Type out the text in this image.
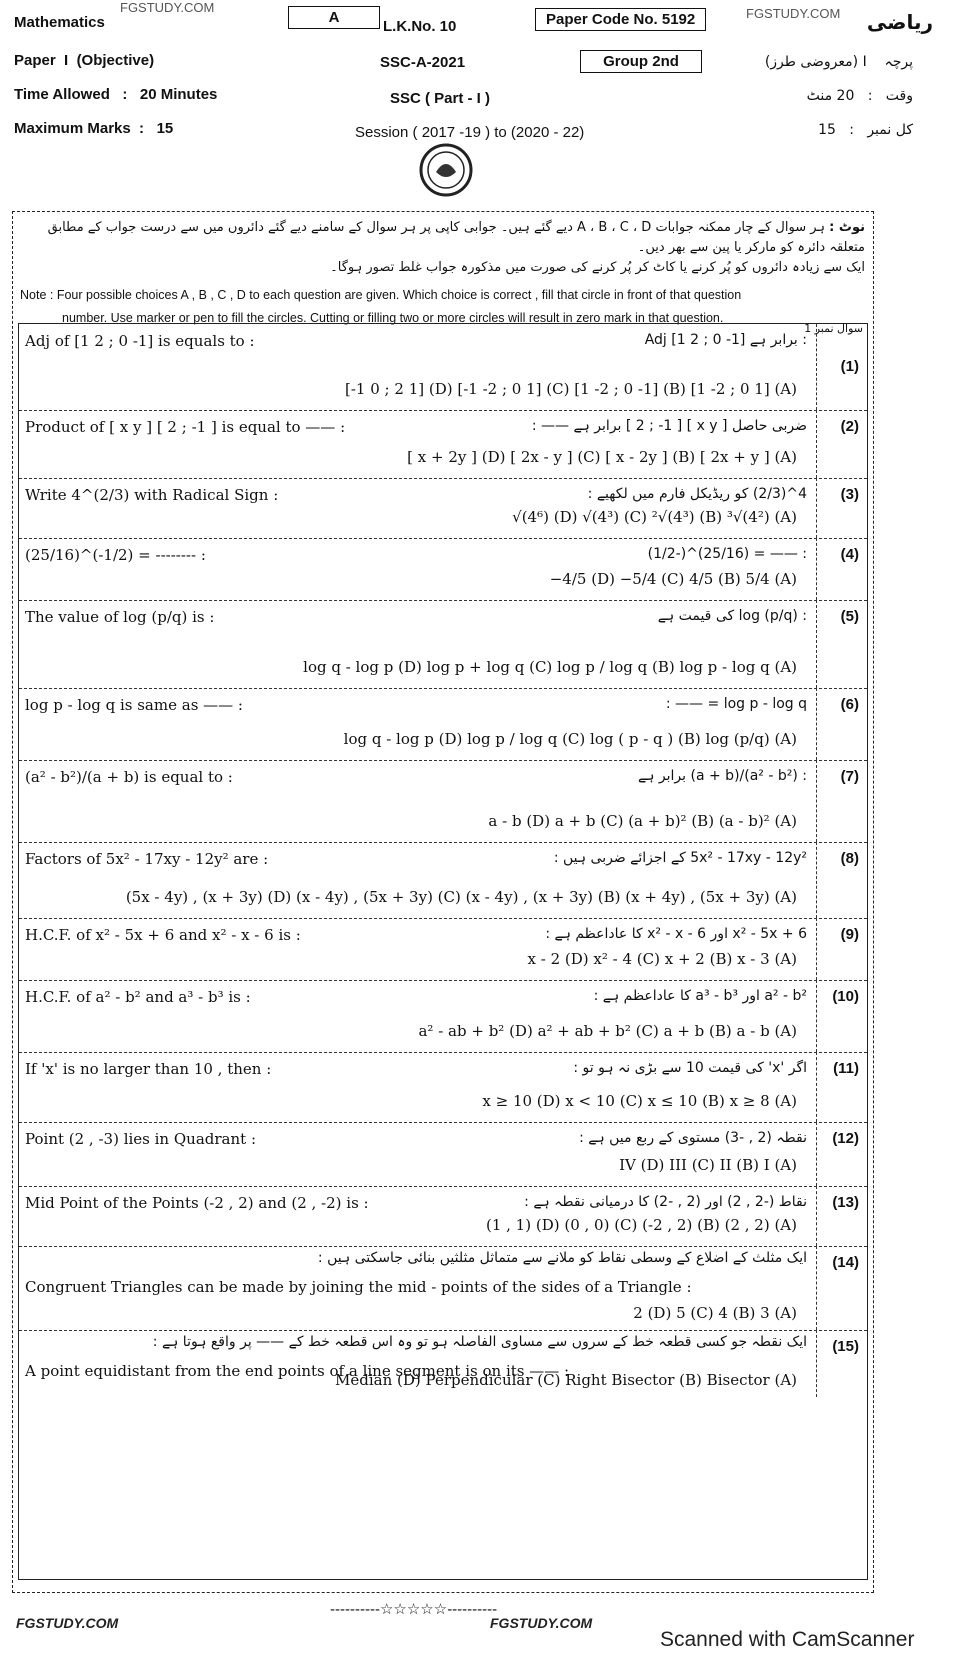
Mathematics
FGSTUDY.COM
A
L.K.No. 10	Paper Code No. 5192	FGSTUDY.COM ریاضی
Paper I (Objective)	SSC-A-2021	Group 2nd	پرچہ    I (معروضی طرز)
Time Allowed   :   20 Minutes	SSC ( Part - I )	وقت   :   20 منٹ
Maximum Marks  :   15	Session ( 2017 -19 ) to (2020 - 22)	کل نمبر   :   15
نوٹ : ہر سوال کے چار ممکنہ جوابات A ، B ، C ، D دیے گئے ہیں۔ جوابی کاپی پر ہر سوال کے سامنے دیے گئے دائروں میں سے درست جواب کے مطابق متعلقہ دائرہ کو مارکر یا پین سے بھر دیں۔
ایک سے زیادہ دائروں کو پُر کرنے یا کاٹ کر پُر کرنے کی صورت میں مذکورہ جواب غلط تصور ہوگا۔
Note : Four possible choices A , B , C , D to each question are given. Which choice is correct , fill that circle in front of that question
number. Use marker or pen to fill the circles. Cutting or filling two or more circles will result in zero mark in that question.
(1)
سوال نمبر 1
Adj of [1 2 ; 0 -1] is equals to :	: برابر ہے Adj [1 2 ; 0 -1]
[-1 0 ; 2 1] (D) [-1 -2 ; 0 1] (C) [1 -2 ; 0 -1] (B) [1 -2 ; 0 1] (A)
(2)
Product of [ x y ] [ 2 ; -1 ] is equal to —— :	ضربی حاصل [ x y ] [ 2 ; -1 ] برابر ہے —— :
[ x + 2y ] (D) [ 2x - y ] (C) [ x - 2y ] (B) [ 2x + y ] (A)
(3)
Write 4^(2/3) with Radical Sign :	4^(2/3) کو ریڈیکل فارم میں لکھیے :
√(4⁶) (D) √(4³) (C) ²√(4³) (B) ³√(4²) (A)
(4)
(25/16)^(-1/2) = -------- :	: —— = (25/16)^(-1/2)
−4/5 (D) −5/4 (C) 4/5 (B) 5/4 (A)
(5)
The value of log (p/q) is :	: log (p/q) کی قیمت ہے
log q - log p (D) log p + log q (C) log p / log q (B) log p - log q (A)
(6)
log p - log q is same as —— :	log p - log q = —— :
log q - log p (D) log p / log q (C) log ( p - q ) (B) log (p/q) (A)
(7)
(a² - b²)/(a + b) is equal to :	: (a² - b²)/(a + b) برابر ہے
a - b (D) a + b (C) (a + b)² (B) (a - b)² (A)
(8)
Factors of 5x² - 17xy - 12y² are :	5x² - 17xy - 12y² کے اجزائے ضربی ہیں :
(5x - 4y) , (x + 3y) (D) (x - 4y) , (5x + 3y) (C) (x - 4y) , (x + 3y) (B) (x + 4y) , (5x + 3y) (A)
(9)
H.C.F. of x² - 5x + 6 and x² - x - 6 is :	x² - 5x + 6 اور x² - x - 6 کا عاداعظم ہے :
x - 2 (D) x² - 4 (C) x + 2 (B) x - 3 (A)
(10)
H.C.F. of a² - b² and a³ - b³ is :	a² - b² اور a³ - b³ کا عاداعظم ہے :
a² - ab + b² (D) a² + ab + b² (C) a + b (B) a - b (A)
(11)
If 'x' is no larger than 10 , then :	اگر 'x' کی قیمت 10 سے بڑی نہ ہو تو :
x ≥ 10 (D) x < 10 (C) x ≤ 10 (B) x ≥ 8 (A)
(12)
Point (2 , -3) lies in Quadrant :	نقطہ (2 , -3) مستوی کے ربع میں ہے :
IV (D) III (C) II (B) I (A)
(13)
Mid Point of the Points (-2 , 2) and (2 , -2) is :	نقاط (-2 , 2) اور (2 , -2) کا درمیانی نقطہ ہے :
(1 , 1) (D) (0 , 0) (C) (-2 , 2) (B) (2 , 2) (A)
(14)
Congruent Triangles can be made by joining the mid - points of the sides of a Triangle :
ایک مثلث کے اضلاع کے وسطی نقاط کو ملانے سے متماثل مثلثیں بنائی جاسکتی ہیں :
2 (D) 5 (C) 4 (B) 3 (A)
(15)
A point equidistant from the end points of a line segment is on its —— :
ایک نقطہ جو کسی قطعہ خط کے سروں سے مساوی الفاصلہ ہو تو وہ اس قطعہ خط کے —— پر واقع ہوتا ہے :
Median (D) Perpendicular (C) Right Bisector (B) Bisector (A)
----------☆☆☆☆☆----------
FGSTUDY.COM	FGSTUDY.COM
Scanned with CamScanner
